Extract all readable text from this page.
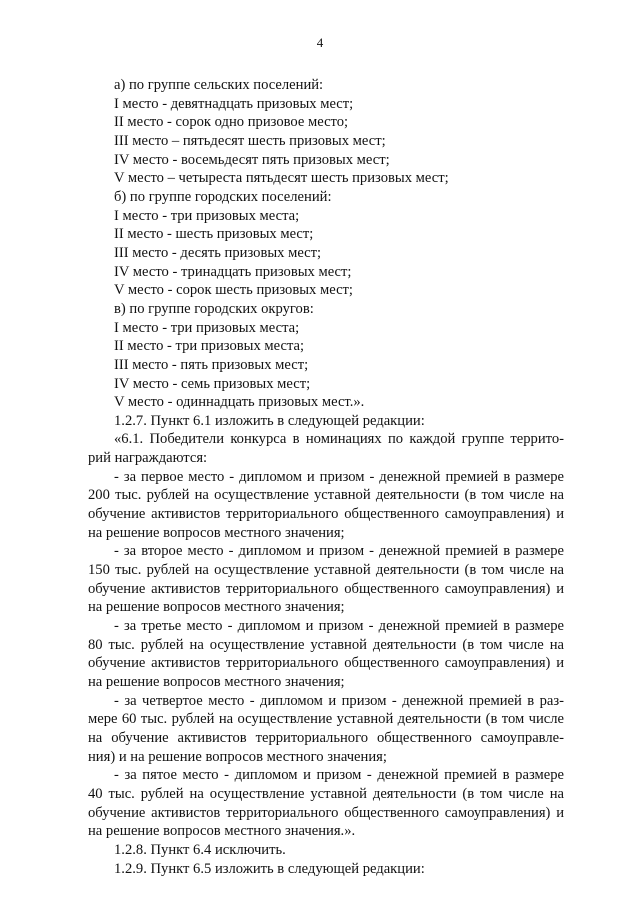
4
а) по группе сельских поселений:
I место - девятнадцать призовых мест;
II место - сорок одно призовое место;
III место – пятьдесят шесть призовых мест;
IV место - восемьдесят пять призовых мест;
V место – четыреста пятьдесят шесть призовых мест;
б) по группе городских поселений:
I место - три призовых места;
II место - шесть призовых мест;
III место - десять призовых мест;
IV место - тринадцать призовых мест;
V место - сорок шесть призовых мест;
в) по группе городских округов:
I место - три призовых места;
II место - три призовых места;
III место - пять призовых мест;
IV место - семь призовых мест;
V место - одиннадцать призовых мест.».
1.2.7. Пункт 6.1 изложить в следующей редакции:
«6.1. Победители конкурса в номинациях по каждой группе террито-
рий награждаются:
- за первое место - дипломом и призом - денежной премией в размере
200 тыс. рублей на осуществление уставной деятельности (в том числе на
обучение активистов территориального общественного самоуправления) и
на решение вопросов местного значения;
- за второе место - дипломом и призом - денежной премией в размере
150 тыс. рублей на осуществление уставной деятельности (в том числе на
обучение активистов территориального общественного самоуправления) и
на решение вопросов местного значения;
- за третье место - дипломом и призом - денежной премией в размере
80 тыс. рублей на осуществление уставной деятельности (в том числе на
обучение активистов территориального общественного самоуправления) и
на решение вопросов местного значения;
- за четвертое место - дипломом и призом - денежной премией в раз-
мере 60 тыс. рублей на осуществление уставной деятельности (в том числе
на обучение активистов территориального общественного самоуправле-
ния) и на решение вопросов местного значения;
- за пятое место - дипломом и призом - денежной премией в размере
40 тыс. рублей на осуществление уставной деятельности (в том числе на
обучение активистов территориального общественного самоуправления) и
на решение вопросов местного значения.».
1.2.8. Пункт 6.4 исключить.
1.2.9. Пункт 6.5 изложить в следующей редакции:
